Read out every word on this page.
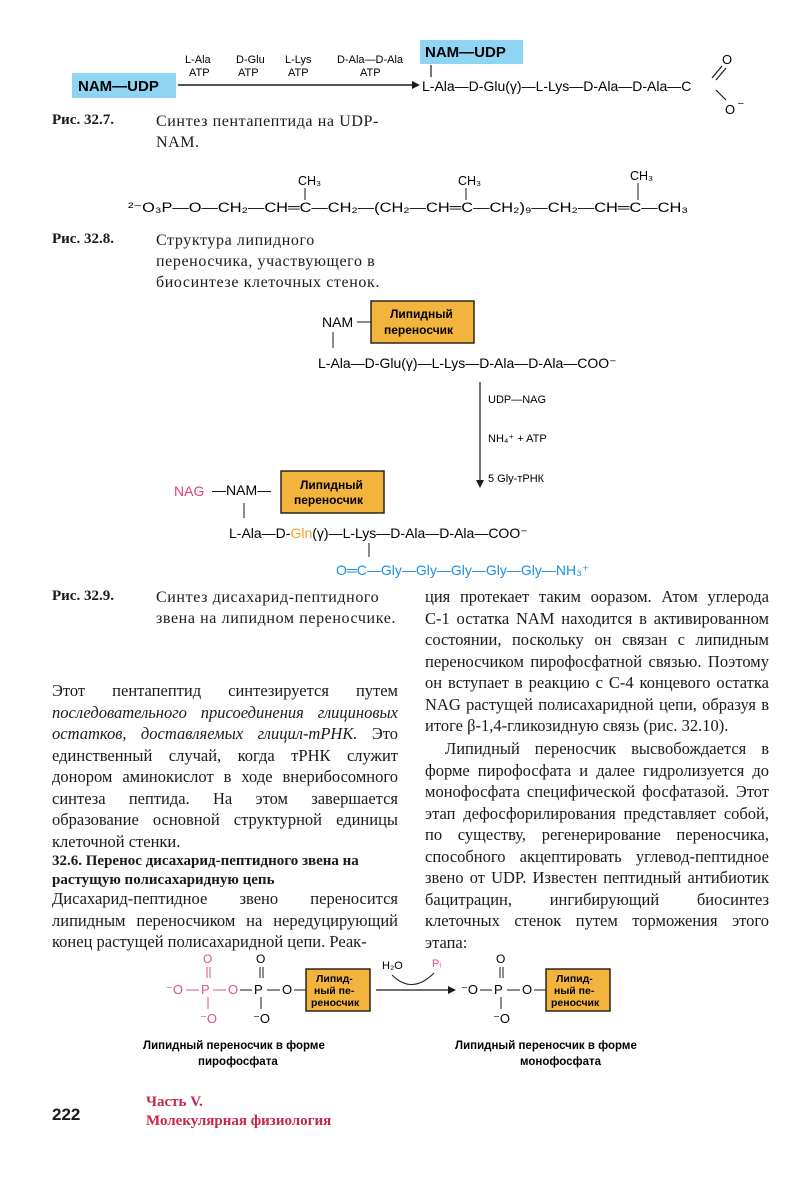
NAM—UDP
L-Ala
ATP
D-Glu
ATP
L-Lys
ATP
D-Ala—D-Ala
ATP
NAM—UDP
L-Ala—D-Glu(γ)—L-Lys—D-Ala—D-Ala—C
O
O –
Рис. 32.7.	Синтез пентапептида на UDP-NAM.
²⁻O₃P—O—CH₂—CH═C—CH₂—(CH₂—CH═C—CH₂)₉—CH₂—CH═C—CH₃
CH₃	CH₃	CH₃
Рис. 32.8.	Структура липидного переносчика, участвующего в биосинтезе клеточных стенок.
NAM	Липидный
переносчик
L-Ala—D-Glu(γ)—L-Lys—D-Ala—D-Ala—COO⁻
UDP—NAG
NH₄⁺ + ATP
5 Gly-тРНК
NAG —NAM— Липидный
переносчик
L-Ala—D-Gln(γ)—L-Lys—D-Ala—D-Ala—COO⁻
O═C—Gly—Gly—Gly—Gly—Gly—NH₃⁺
Рис. 32.9.	Синтез дисахарид-пептидного звена на липидном переносчике.
Этот пентапептид синтезируется путем последовательного присоединения глициновых остатков, доставляемых глицил-тРНК. Это единственный случай, когда тРНК служит донором аминокислот в ходе внерибосомного синтеза пептида. На этом завершается образование основной структурной единицы клеточной стенки.
32.6. Перенос дисахарид-пептидного звена на растущую полисахаридную цепь
Дисахарид-пептидное звено переносится липидным переносчиком на нередуцирующий конец растущей полисахаридной цепи. Реак-
ция протекает таким ооразом. Атом углерода С-1 остатка NAM находится в активированном состоянии, поскольку он связан с липидным переносчиком пирофосфатной связью. Поэтому он вступает в реакцию с С-4 концевого остатка NAG растущей полисахаридной цепи, образуя в итоге β-1,4-гликозидную связь (рис. 32.10).
Липидный переносчик высвобождается в форме пирофосфата и далее гидролизуется до монофосфата специфической фосфатазой. Этот этап дефосфорилирования представляет собой, по существу, регенерирование переносчика, способного акцептировать углевод-пептидное звено от UDP. Известен пептидный антибиотик бацитрацин, ингибирующий биосинтез клеточных стенок путем торможения этого этапа:
O
⁻O P O
⁻O
O
P
⁻O
O
Липид-
ный пе-
реносчик
H₂O	Pᵢ
⁻O
O
P
⁻O
O
Липид-
ный пе-
реносчик
Липидный переносчик в форме
пирофосфата
Липидный переносчик в форме
монофосфата
222
Часть V.
Молекулярная физиология
